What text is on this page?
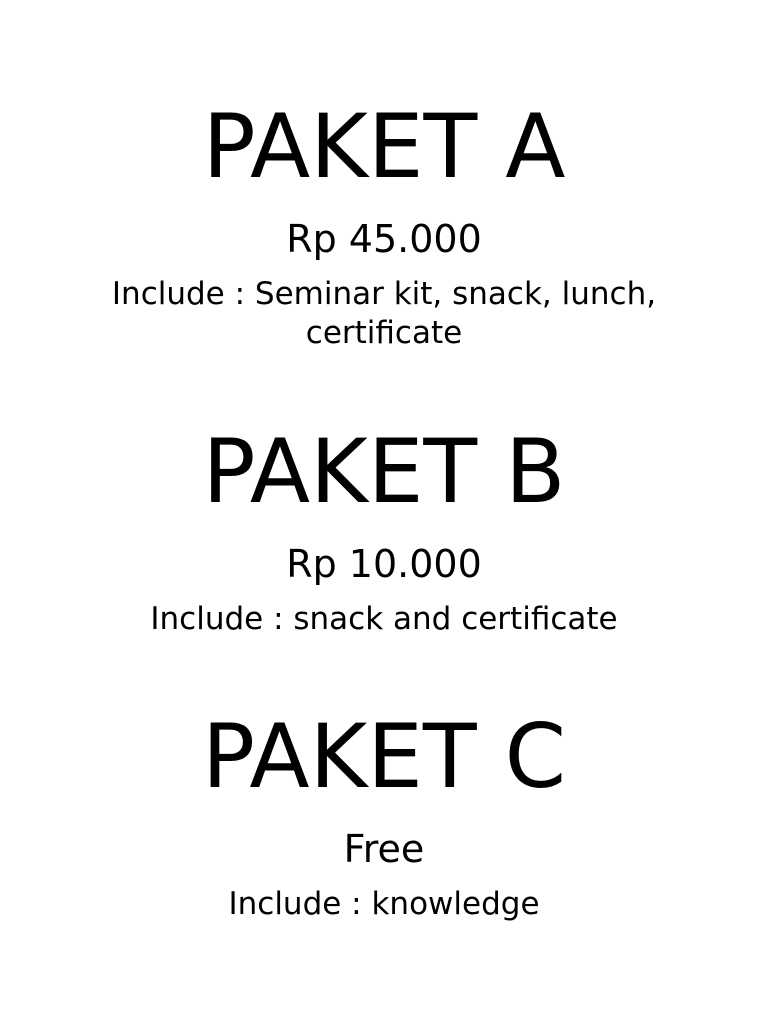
PAKET A
Rp 45.000
Include : Seminar kit, snack, lunch,
certificate
PAKET B
Rp 10.000
Include : snack and certificate
PAKET C
Free
Include : knowledge
